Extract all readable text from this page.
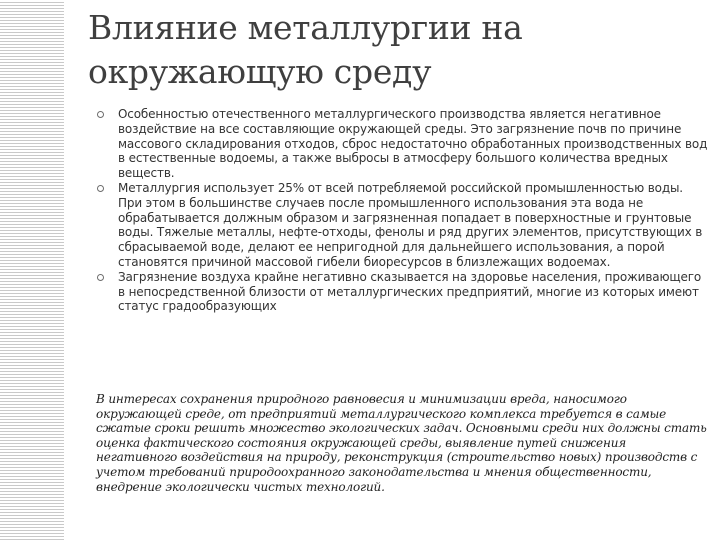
Влияние металлургии на окружающую среду
Особенностью отечественного металлургического производства является негативное воздействие на все составляющие окружающей среды. Это загрязнение почв по причине массового складирования отходов, сброс недостаточно обработанных производственных вод в естественные водоемы, а также выбросы в атмосферу большого количества вредных веществ.
Металлургия использует 25% от всей потребляемой российской промышленностью воды. При этом в большинстве случаев после промышленного использования эта вода не обрабатывается должным образом и загрязненная попадает в поверхностные и грунтовые воды. Тяжелые металлы, нефте-отходы, фенолы и ряд других элементов, присутствующих в сбрасываемой воде, делают ее непригодной для дальнейшего использования, а порой становятся причиной массовой гибели биоресурсов в близлежащих водоемах.
Загрязнение воздуха крайне негативно сказывается на здоровье населения, проживающего в непосредственной близости от металлургических предприятий, многие из которых имеют статус градообразующих

В интересах сохранения природного равновесия и минимизации вреда, наносимого окружающей среде, от предприятий металлургического комплекса требуется в самые сжатые сроки решить множество экологических задач. Основными среди них должны стать оценка фактического состояния окружающей среды, выявление путей снижения негативного воздействия на природу, реконструкция (строительство новых) производств с учетом требований природоохранного законодательства и мнения общественности, внедрение экологически чистых технологий.
